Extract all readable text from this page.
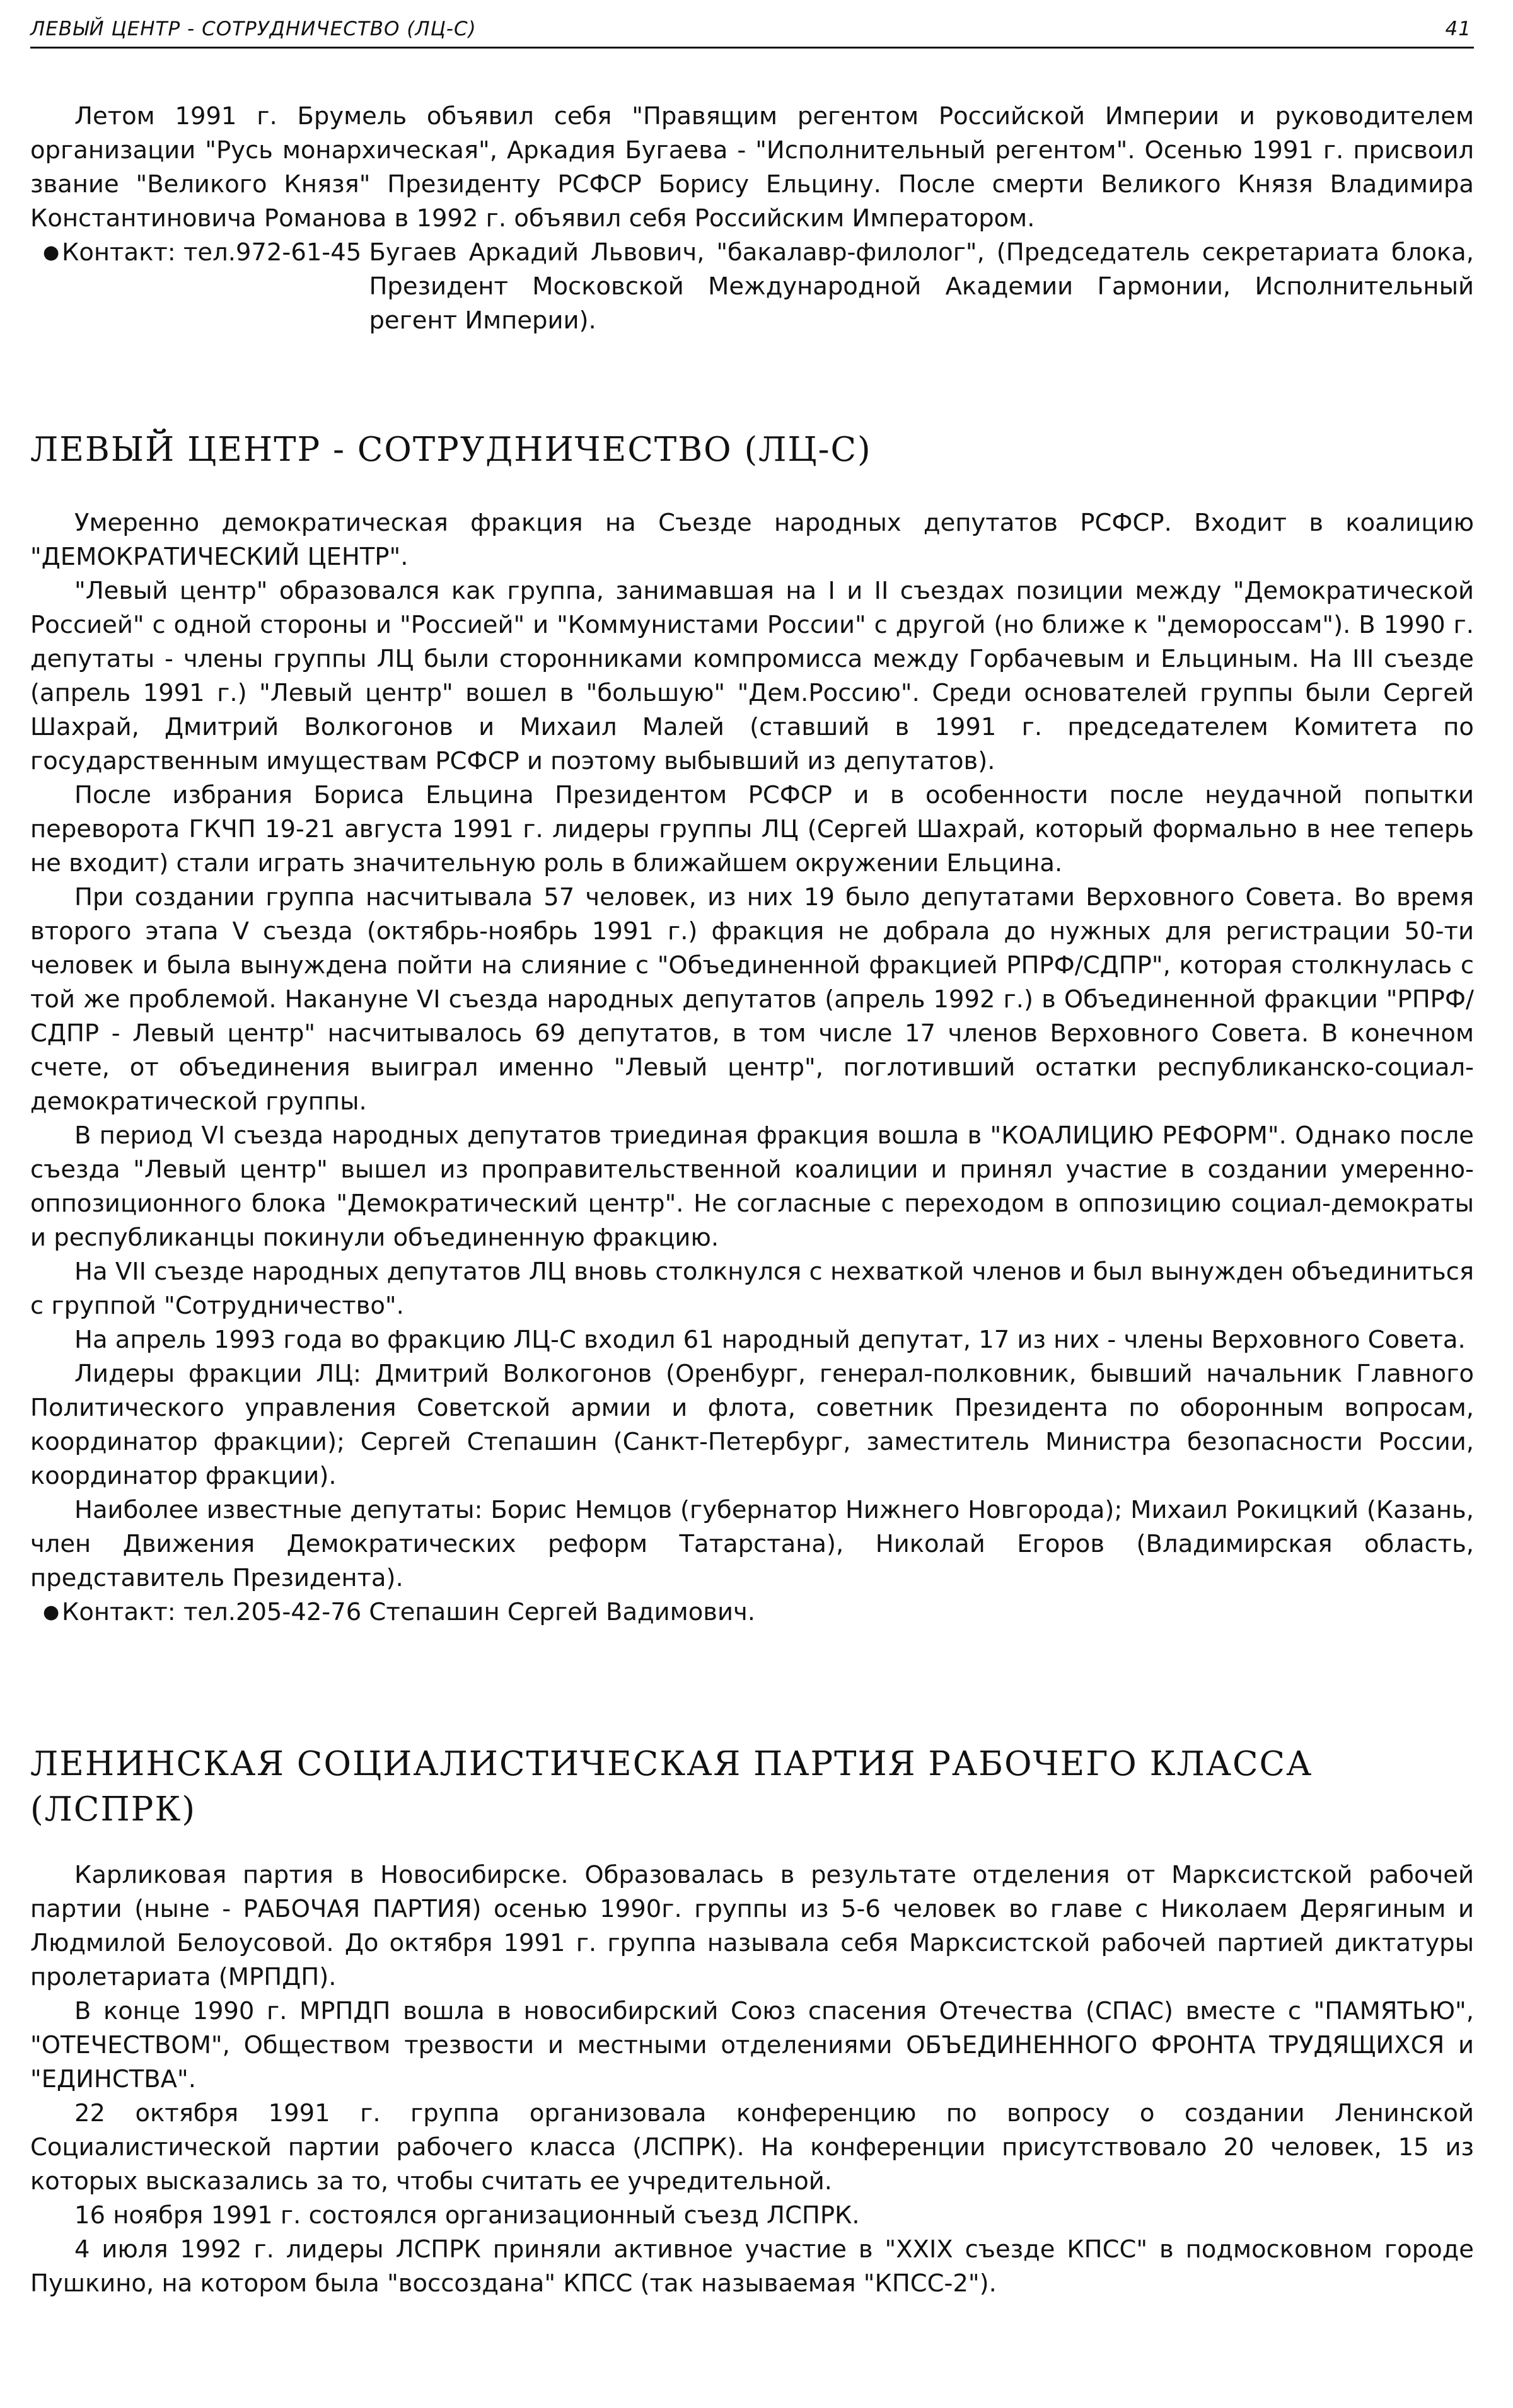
ЛЕВЫЙ ЦЕНТР - СОТРУДНИЧЕСТВО (ЛЦ-С)	41

Летом 1991 г. Брумель объявил себя "Правящим регентом Российской Империи и руководителем организации "Русь монархическая", Аркадия Бугаева - "Исполнительный регентом". Осенью 1991 г. присвоил звание "Великого Князя" Президенту РСФСР Борису Ельцину. После смерти Великого Князя Владимира Константиновича Романова в 1992 г. объявил себя Российским Императором.

● Контакт: тел.972-61-45 Бугаев Аркадий Львович, "бакалавр-филолог", (Председатель секретариата блока, Президент Московской Международной Академии Гармонии, Исполнительный регент Империи).
ЛЕВЫЙ ЦЕНТР - СОТРУДНИЧЕСТВО (ЛЦ-С)

Умеренно демократическая фракция на Съезде народных депутатов РСФСР. Входит в коалицию "ДЕМОКРАТИЧЕСКИЙ ЦЕНТР".

"Левый центр" образовался как группа, занимавшая на I и II съездах позиции между "Демократической Россией" с одной стороны и "Россией" и "Коммунистами России" с другой (но ближе к "демороссам"). В 1990 г. депутаты - члены группы ЛЦ были сторонниками компромисса между Горбачевым и Ельциным. На III съезде (апрель 1991 г.) "Левый центр" вошел в "большую" "Дем.Россию". Среди основателей группы были Сергей Шахрай, Дмитрий Волкогонов и Михаил Малей (ставший в 1991 г. председателем Комитета по государственным имуществам РСФСР и поэтому выбывший из депутатов).

После избрания Бориса Ельцина Президентом РСФСР и в особенности после неудачной попытки переворота ГКЧП 19-21 августа 1991 г. лидеры группы ЛЦ (Сергей Шахрай, который формально в нее теперь не входит) стали играть значительную роль в ближайшем окружении Ельцина.

При создании группа насчитывала 57 человек, из них 19 было депутатами Верховного Совета. Во время второго этапа V съезда (октябрь-ноябрь 1991 г.) фракция не добрала до нужных для регистрации 50-ти человек и была вынуждена пойти на слияние с "Объединенной фракцией РПРФ/СДПР", которая столкнулась с той же проблемой. Накануне VI съезда народных депутатов (апрель 1992 г.) в Объединенной фракции "РПРФ/СДПР - Левый центр" насчитывалось 69 депутатов, в том числе 17 членов Верховного Совета. В конечном счете, от объединения выиграл именно "Левый центр", поглотивший остатки республиканско-социал-демократической группы.

В период VI съезда народных депутатов триединая фракция вошла в "КОАЛИЦИЮ РЕФОРМ". Однако после съезда "Левый центр" вышел из проправительственной коалиции и принял участие в создании умеренно-оппозиционного блока "Демократический центр". Не согласные с переходом в оппозицию социал-демократы и республиканцы покинули объединенную фракцию.

На VII съезде народных депутатов ЛЦ вновь столкнулся с нехваткой членов и был вынужден объединиться с группой "Сотрудничество".

На апрель 1993 года во фракцию ЛЦ-С входил 61 народный депутат, 17 из них - члены Верховного Совета.

Лидеры фракции ЛЦ: Дмитрий Волкогонов (Оренбург, генерал-полковник, бывший начальник Главного Политического управления Советской армии и флота, советник Президента по оборонным вопросам, координатор фракции); Сергей Степашин (Санкт-Петербург, заместитель Министра безопасности России, координатор фракции).

Наиболее известные депутаты: Борис Немцов (губернатор Нижнего Новгорода); Михаил Рокицкий (Казань, член Движения Демократических реформ Татарстана), Николай Егоров (Владимирская область, представитель Президента).

● Контакт: тел.205-42-76 Степашин Сергей Вадимович.
ЛЕНИНСКАЯ СОЦИАЛИСТИЧЕСКАЯ ПАРТИЯ РАБОЧЕГО КЛАССА (ЛСПРК)

Карликовая партия в Новосибирске. Образовалась в результате отделения от Марксистской рабочей партии (ныне - РАБОЧАЯ ПАРТИЯ) осенью 1990г. группы из 5-6 человек во главе с Николаем Дерягиным и Людмилой Белоусовой. До октября 1991 г. группа называла себя Марксистской рабочей партией диктатуры пролетариата (МРПДП).

В конце 1990 г. МРПДП вошла в новосибирский Союз спасения Отечества (СПАС) вместе с "ПАМЯТЬЮ", "ОТЕЧЕСТВОМ", Обществом трезвости и местными отделениями ОБЪЕДИНЕННОГО ФРОНТА ТРУДЯЩИХСЯ и "ЕДИНСТВА".

22 октября 1991 г. группа организовала конференцию по вопросу о создании Ленинской Социалистической партии рабочего класса (ЛСПРК). На конференции присутствовало 20 человек, 15 из которых высказались за то, чтобы считать ее учредительной.

16 ноября 1991 г. состоялся организационный съезд ЛСПРК.

4 июля 1992 г. лидеры ЛСПРК приняли активное участие в "XXIX съезде КПСС" в подмосковном городе Пушкино, на котором была "воссоздана" КПСС (так называемая "КПСС-2").
